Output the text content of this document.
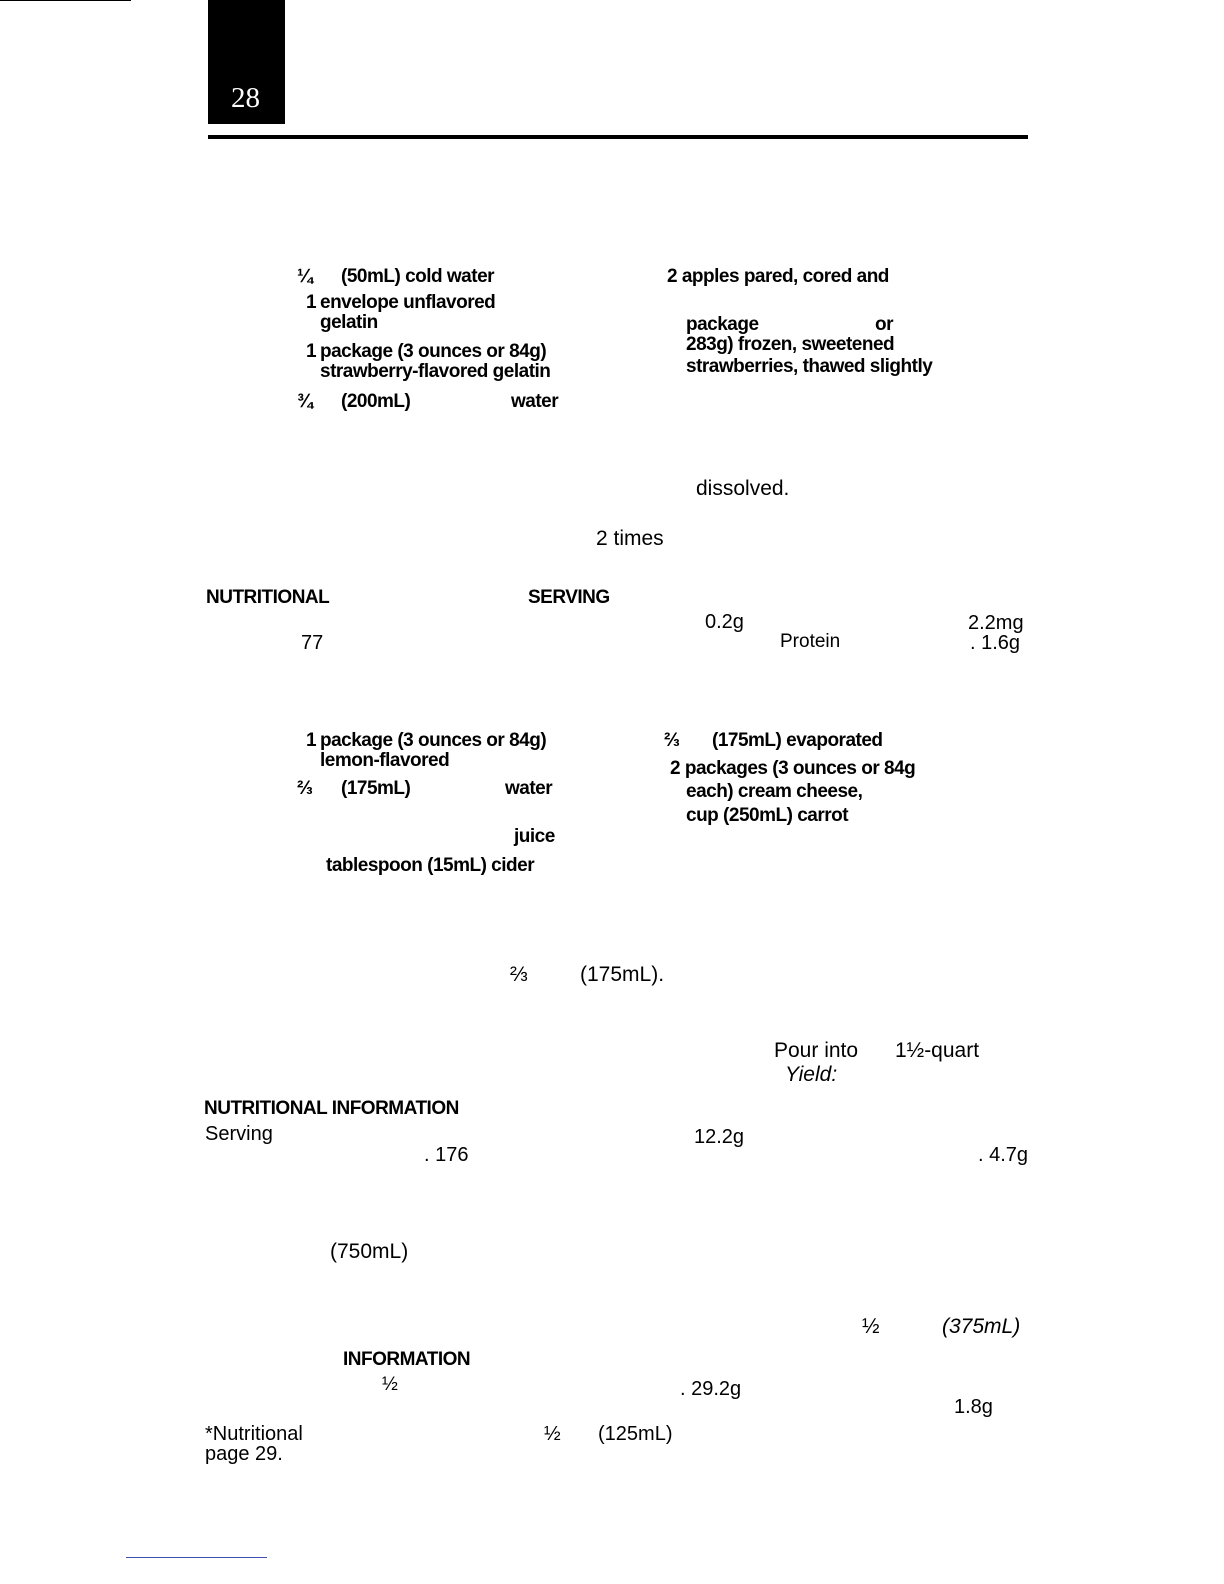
28
¼ (50mL) cold water
1 envelope unflavored
gelatin
1 package (3 ounces or 84g)
strawberry-flavored gelatin
¾ (200mL)	water
2 apples pared, cored and
package	or
283g) frozen, sweetened
strawberries, thawed slightly
dissolved.
2 times
NUTRITIONAL	SERVING
0.2g	2.2mg
77	Protein	. 1.6g
1 package (3 ounces or 84g)
lemon-flavored
⅔ (175mL)	water
juice
tablespoon (15mL) cider
⅔ (175mL) evaporated
2 packages (3 ounces or 84g
each) cream cheese,
cup (250mL) carrot
⅔ (175mL).
Pour into 1½-quart
Yield:
NUTRITIONAL INFORMATION
Serving	12.2g
. 176	. 4.7g
(750mL)
½	(375mL)
INFORMATION
½	. 29.2g
1.8g
*Nutritional	½ (125mL)
page 29.
